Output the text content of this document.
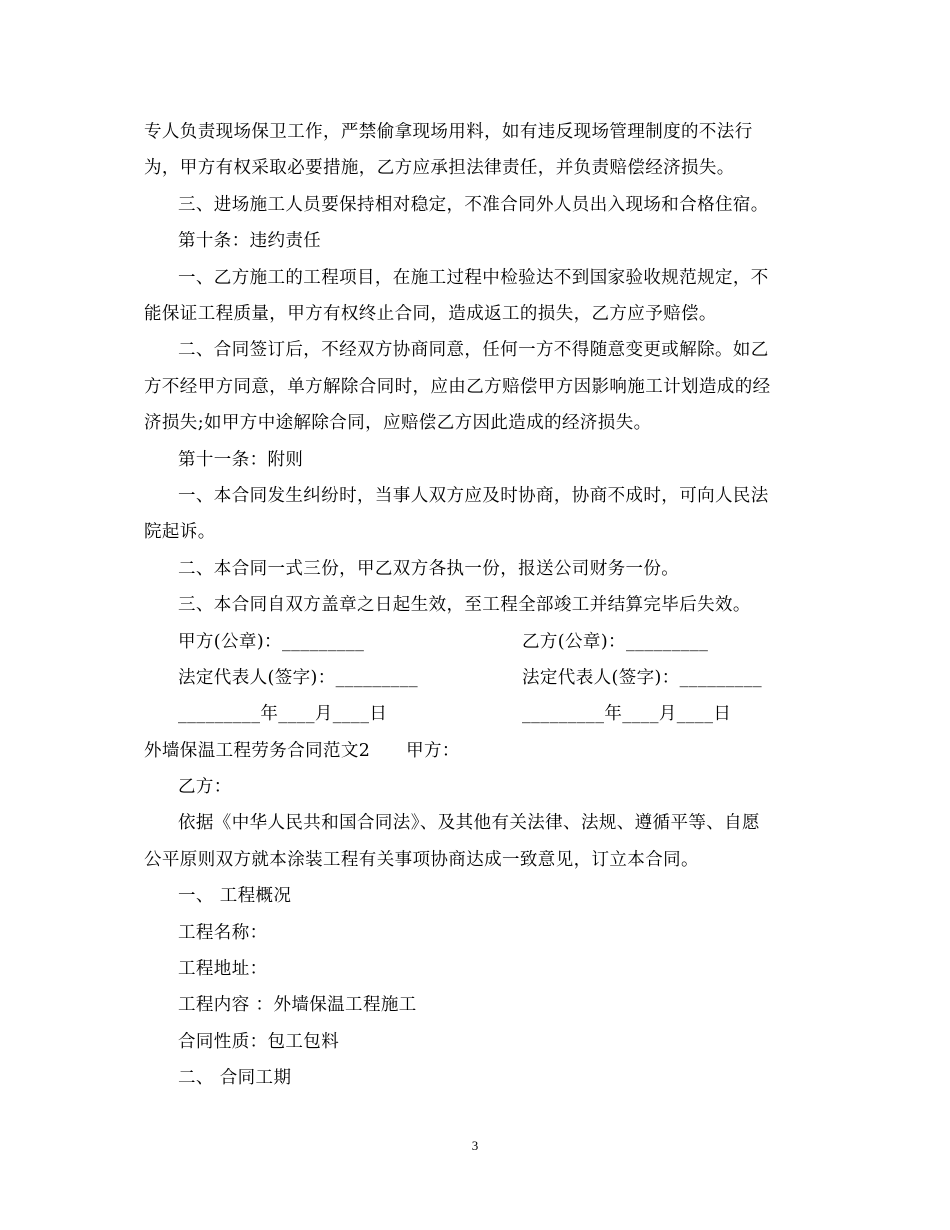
专人负责现场保卫工作，严禁偷拿现场用料，如有违反现场管理制度的不法行
为，甲方有权采取必要措施，乙方应承担法律责任，并负责赔偿经济损失。
三、进场施工人员要保持相对稳定，不准合同外人员出入现场和合格住宿。
第十条：违约责任
一、乙方施工的工程项目，在施工过程中检验达不到国家验收规范规定，不
能保证工程质量，甲方有权终止合同，造成返工的损失，乙方应予赔偿。
二、合同签订后，不经双方协商同意，任何一方不得随意变更或解除。如乙
方不经甲方同意，单方解除合同时，应由乙方赔偿甲方因影响施工计划造成的经
济损失;如甲方中途解除合同，应赔偿乙方因此造成的经济损失。
第十一条：附则
一、本合同发生纠纷时，当事人双方应及时协商，协商不成时，可向人民法
院起诉。
二、本合同一式三份，甲乙双方各执一份，报送公司财务一份。
三、本合同自双方盖章之日起生效，至工程全部竣工并结算完毕后失效。
甲方(公章)：_________	乙方(公章)：_________
法定代表人(签字)：_________	法定代表人(签字)：_________
_________年____月____日	_________年____月____日
外墙保温工程劳务合同范文2　　甲方：
乙方：
依据《中华人民共和国合同法》、及其他有关法律、法规、遵循平等、自愿
公平原则双方就本涂装工程有关事项协商达成一致意见，订立本合同。
一、 工程概况
工程名称：
工程地址：
工程内容 ：外墙保温工程施工
合同性质：包工包料
二、 合同工期
3
